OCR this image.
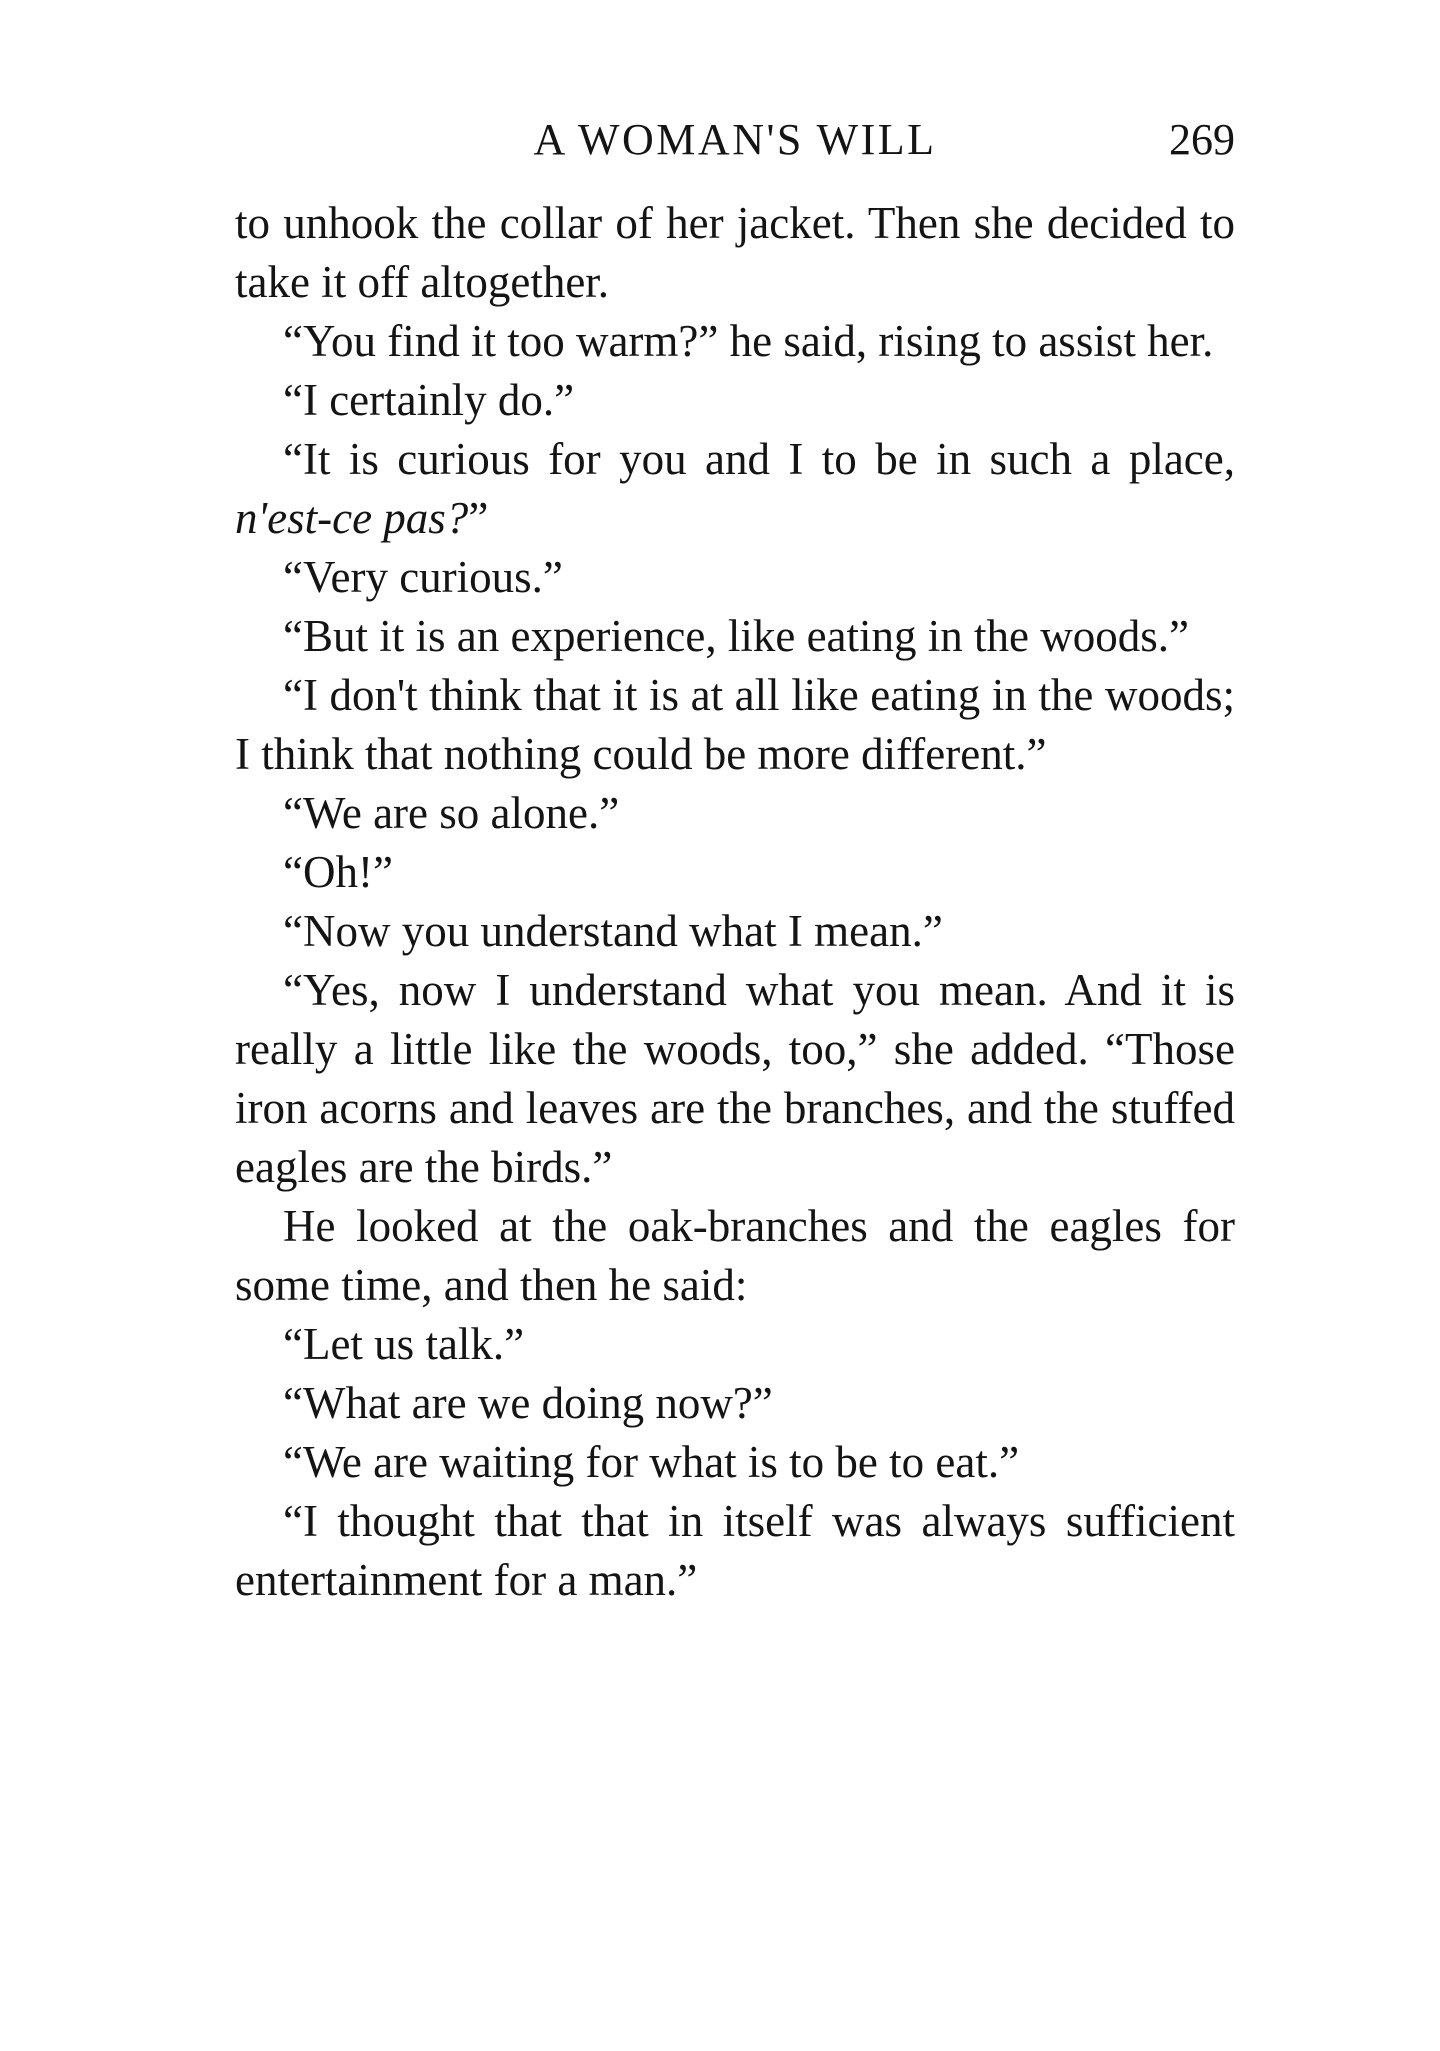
A WOMAN'S WILL	269

to unhook the collar of her jacket. Then she decided to take it off altogether.

“You find it too warm?” he said, rising to assist her.

“I certainly do.”

“It is curious for you and I to be in such a place, n'est-ce pas?”

“Very curious.”

“But it is an experience, like eating in the woods.”

“I don't think that it is at all like eating in the woods; I think that nothing could be more different.”

“We are so alone.”

“Oh!”

“Now you understand what I mean.”

“Yes, now I understand what you mean. And it is really a little like the woods, too,” she added. “Those iron acorns and leaves are the branches, and the stuffed eagles are the birds.”

He looked at the oak-branches and the eagles for some time, and then he said:

“Let us talk.”

“What are we doing now?”

“We are waiting for what is to be to eat.”

“I thought that that in itself was always sufficient entertainment for a man.”
